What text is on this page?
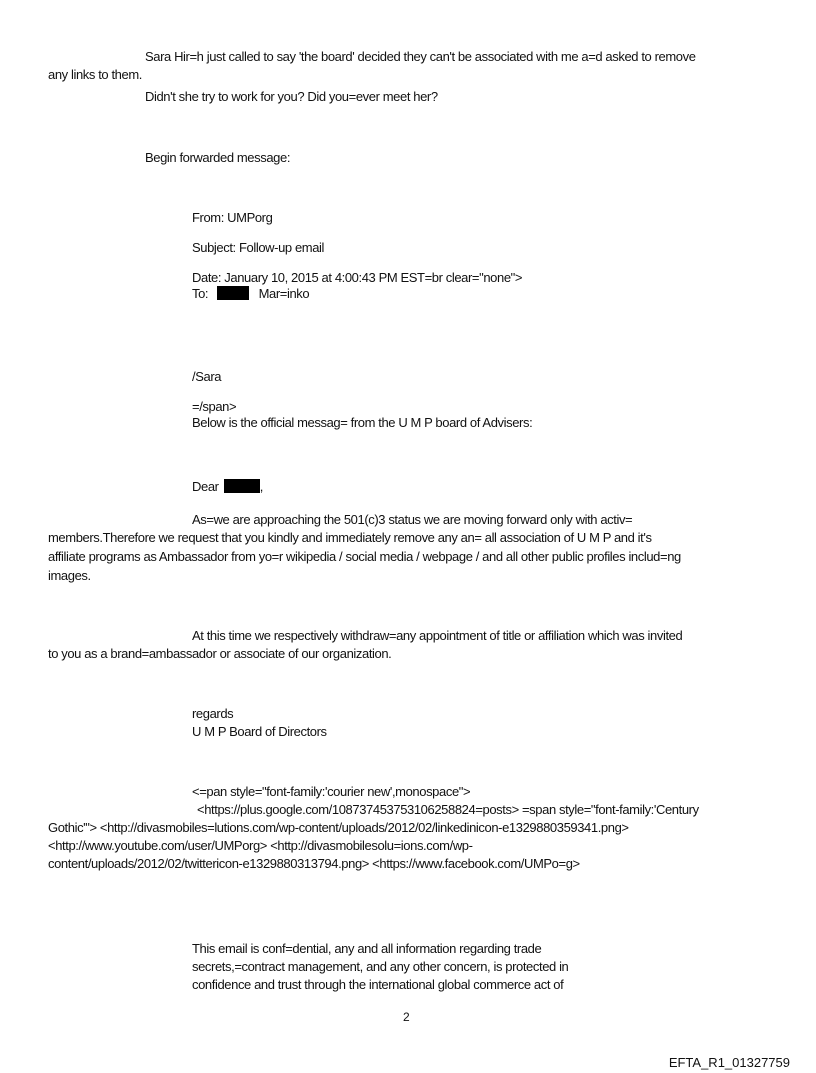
Sara Hir=h just called to say 'the board' decided they can't be associated with me a=d asked to remove
any links to them.
Didn't she try to work for you? Did you=ever meet her?
Begin forwarded message:
From: UMPorg
Subject: Follow-up email
Date: January 10, 2015 at 4:00:43 PM EST=br clear="none">
To:	Mar=inko
/Sara
=/span>
Below is the official messag= from the U M P board of Advisers:
Dear	,
As=we are approaching the 501(c)3 status we are moving forward only with activ=
members.Therefore we request that you kindly and immediately remove any an= all association of U M P and it's
affiliate programs as Ambassador from yo=r wikipedia / social media / webpage / and all other public profiles includ=ng
images.
At this time we respectively withdraw=any appointment of title or affiliation which was invited
to you as a brand=ambassador or associate of our organization.
regards
U M P Board of Directors
<=pan style="font-family:'courier new',monospace">
<https://plus.google.com/108737453753106258824=posts> =span style="font-family:'Century
Gothic'"> <http://divasmobiles=lutions.com/wp-content/uploads/2012/02/linkedinicon-e1329880359341.png>
<http://www.youtube.com/user/UMPorg> <http://divasmobilesolu=ions.com/wp-
content/uploads/2012/02/twittericon-e1329880313794.png> <https://www.facebook.com/UMPo=g>
This email is conf=dential, any and all information regarding trade
secrets,=contract management, and any other concern, is protected in
confidence and trust through the international global commerce act of
2
EFTA_R1_01327759
